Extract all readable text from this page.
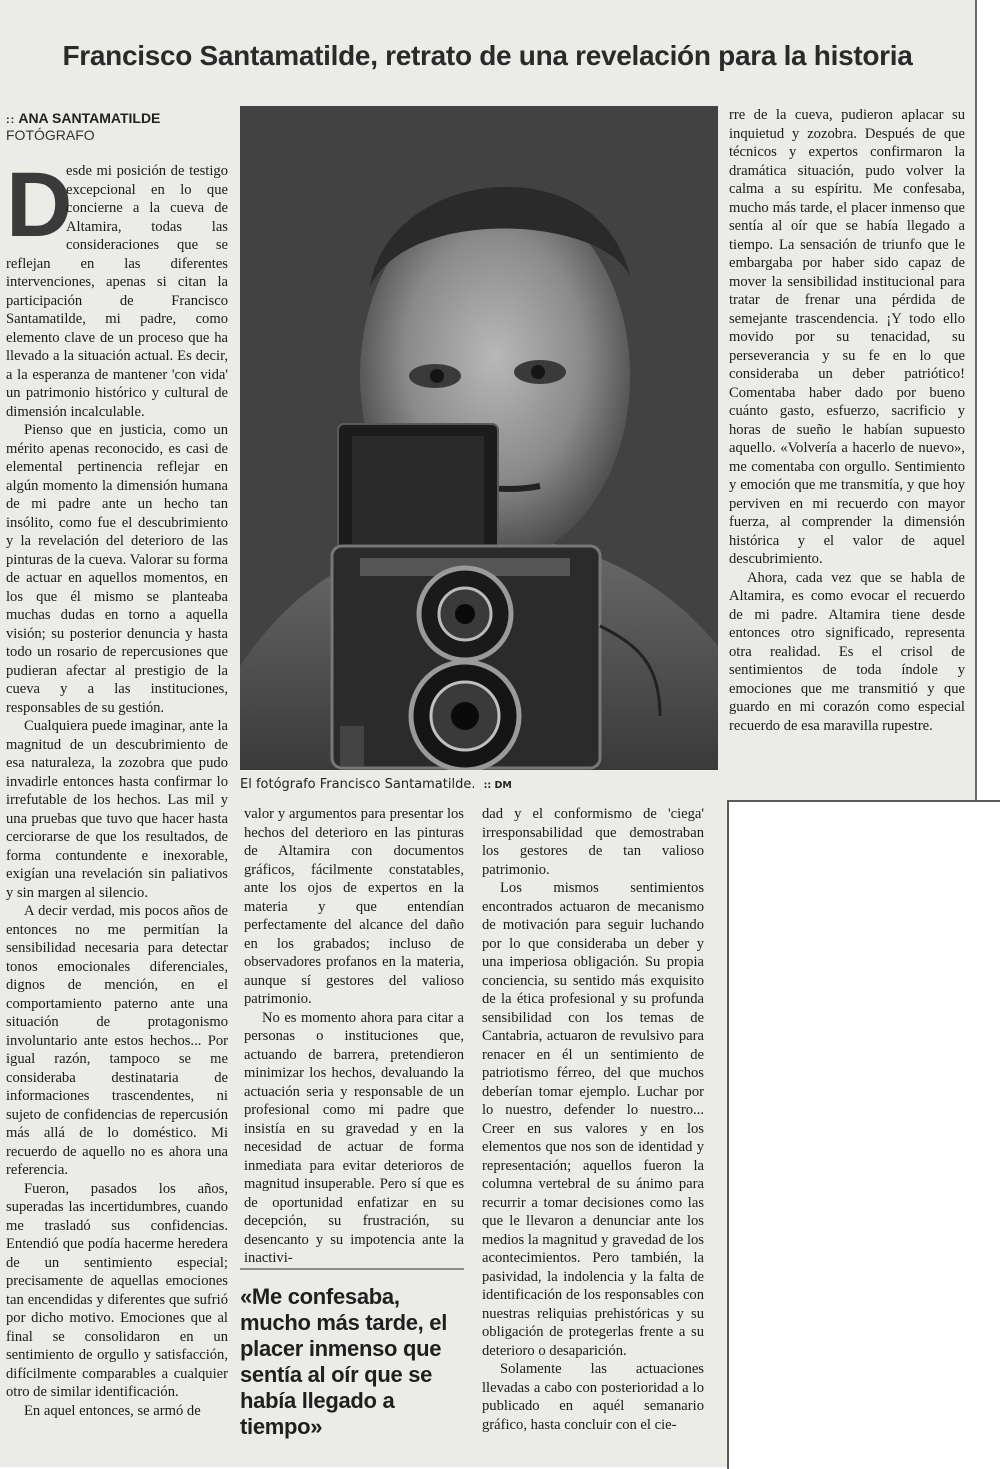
Francisco Santamatilde, retrato de una revelación para la historia
:: ANA SANTAMATILDE
FOTÓGRAFO

D
esde mi posición de testigo excepcional en lo que concierne a la cueva de Altamira, todas las consideraciones que se reflejan en las diferentes intervenciones, apenas si citan la participación de Francisco Santamatilde, mi padre, como elemento clave de un proceso que ha llevado a la situación actual. Es decir, a la esperanza de mantener 'con vida' un patrimonio histórico y cultural de dimensión incalculable.

Pienso que en justicia, como un mérito apenas reconocido, es casi de elemental pertinencia reflejar en algún momento la dimensión humana de mi padre ante un hecho tan insólito, como fue el descubrimiento y la revelación del deterioro de las pinturas de la cueva. Valorar su forma de actuar en aquellos momentos, en los que él mismo se planteaba muchas dudas en torno a aquella visión; su posterior denuncia y hasta todo un rosario de repercusiones que pudieran afectar al prestigio de la cueva y a las instituciones, responsables de su gestión.

Cualquiera puede imaginar, ante la magnitud de un descubrimiento de esa naturaleza, la zozobra que pudo invadirle entonces hasta confirmar lo irrefutable de los hechos. Las mil y una pruebas que tuvo que hacer hasta cerciorarse de que los resultados, de forma contundente e inexorable, exigían una revelación sin paliativos y sin margen al silencio.

A decir verdad, mis pocos años de entonces no me permitían la sensibilidad necesaria para detectar tonos emocionales diferenciales, dignos de mención, en el comportamiento paterno ante una situación de protagonismo involuntario ante estos hechos... Por igual razón, tampoco se me consideraba destinataria de informaciones trascendentes, ni sujeto de confidencias de repercusión más allá de lo doméstico. Mi recuerdo de aquello no es ahora una referencia.

Fueron, pasados los años, superadas las incertidumbres, cuando me trasladó sus confidencias. Entendió que podía hacerme heredera de un sentimiento especial; precisamente de aquellas emociones tan encendidas y diferentes que sufrió por dicho motivo. Emociones que al final se consolidaron en un sentimiento de orgullo y satisfacción, difícilmente comparables a cualquier otro de similar identificación.

En aquel entonces, se armó de

El fotógrafo Francisco Santamatilde. :: DM

valor y argumentos para presentar los hechos del deterioro en las pinturas de Altamira con documentos gráficos, fácilmente constatables, ante los ojos de expertos en la materia y que entendían perfectamente del alcance del daño en los grabados; incluso de observadores profanos en la materia, aunque sí gestores del valioso patrimonio.

No es momento ahora para citar a personas o instituciones que, actuando de barrera, pretendieron minimizar los hechos, devaluando la actuación seria y responsable de un profesional como mi padre que insistía en su gravedad y en la necesidad de actuar de forma inmediata para evitar deterioros de magnitud insuperable. Pero sí que es de oportunidad enfatizar en su decepción, su frustración, su desencanto y su impotencia ante la inactivi-

«Me confesaba, mucho más tarde, el placer inmenso que sentía al oír que se había llegado a tiempo»

dad y el conformismo de 'ciega' irresponsabilidad que demostraban los gestores de tan valioso patrimonio.

Los mismos sentimientos encontrados actuaron de mecanismo de motivación para seguir luchando por lo que consideraba un deber y una imperiosa obligación. Su propia conciencia, su sentido más exquisito de la ética profesional y su profunda sensibilidad con los temas de Cantabria, actuaron de revulsivo para renacer en él un sentimiento de patriotismo férreo, del que muchos deberían tomar ejemplo. Luchar por lo nuestro, defender lo nuestro... Creer en sus valores y en los elementos que nos son de identidad y representación; aquellos fueron la columna vertebral de su ánimo para recurrir a tomar decisiones como las que le llevaron a denunciar ante los medios la magnitud y gravedad de los acontecimientos. Pero también, la pasividad, la indolencia y la falta de identificación de los responsables con nuestras reliquias prehistóricas y su obligación de protegerlas frente a su deterioro o desaparición.

Solamente las actuaciones llevadas a cabo con posterioridad a lo publicado en aquél semanario gráfico, hasta concluir con el cie-

rre de la cueva, pudieron aplacar su inquietud y zozobra. Después de que técnicos y expertos confirmaron la dramática situación, pudo volver la calma a su espíritu. Me confesaba, mucho más tarde, el placer inmenso que sentía al oír que se había llegado a tiempo. La sensación de triunfo que le embargaba por haber sido capaz de mover la sensibilidad institucional para tratar de frenar una pérdida de semejante trascendencia. ¡Y todo ello movido por su tenacidad, su perseverancia y su fe en lo que consideraba un deber patriótico! Comentaba haber dado por bueno cuánto gasto, esfuerzo, sacrificio y horas de sueño le habían supuesto aquello. «Volvería a hacerlo de nuevo», me comentaba con orgullo. Sentimiento y emoción que me transmitía, y que hoy perviven en mi recuerdo con mayor fuerza, al comprender la dimensión histórica y el valor de aquel descubrimiento.

Ahora, cada vez que se habla de Altamira, es como evocar el recuerdo de mi padre. Altamira tiene desde entonces otro significado, representa otra realidad. Es el crisol de sentimientos de toda índole y emociones que me transmitió y que guardo en mi corazón como especial recuerdo de esa maravilla rupestre.
